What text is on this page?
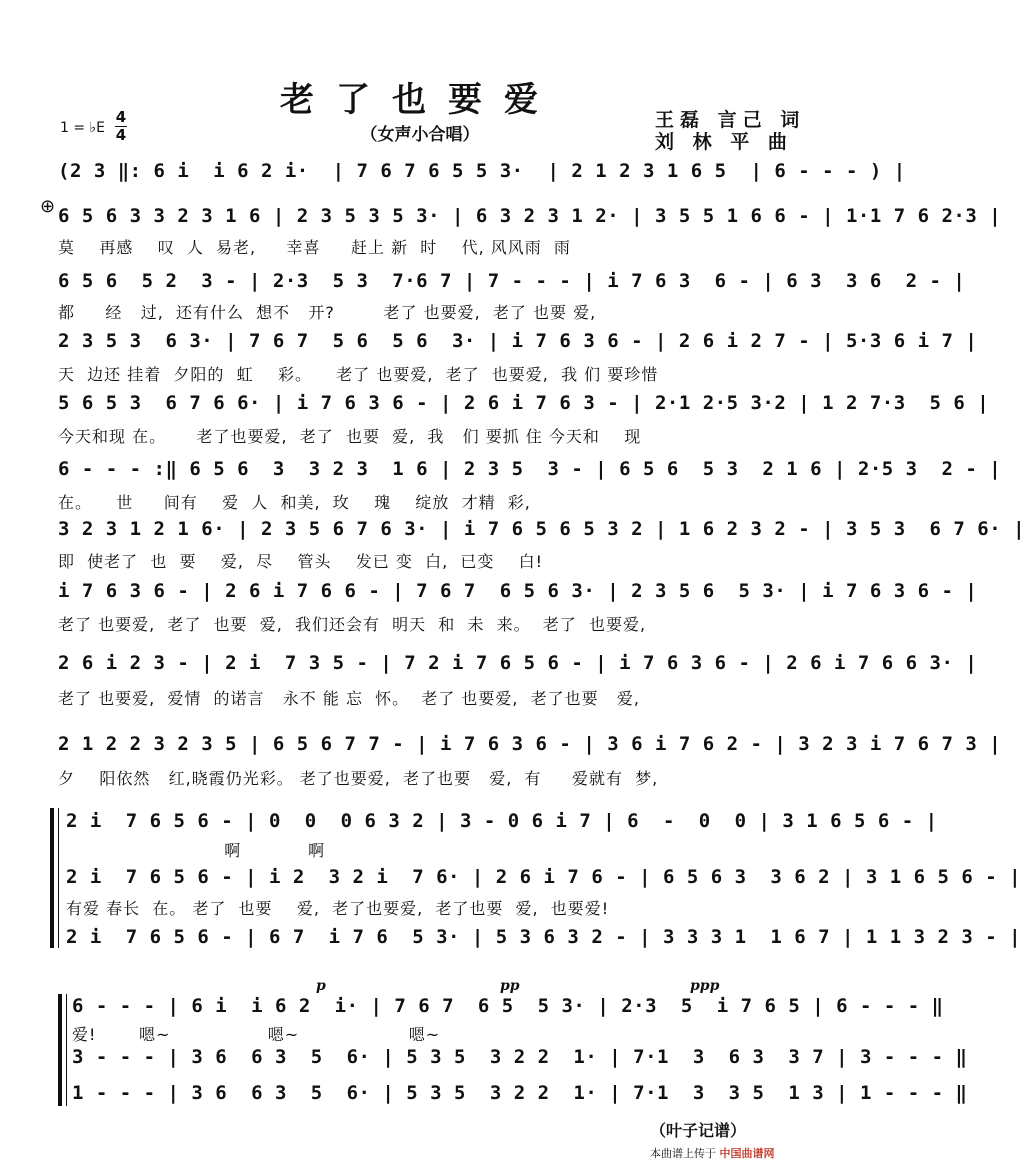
老了也要爱
（女声小合唱）
1 = ♭E
4
4
王磊 言己 词
刘 林 平 曲
⊕
(2 3 ‖: 6 i  i 6 2 i·  | 7 6 7 6 5 5 3·  | 2 1 2 3 1 6 5  | 6 - - - ) |
6 5 6 3 3 2 3 1 6 | 2 3 5 3 5 3· | 6 3 2 3 1 2· | 3 5 5 1 6 6 - | 1·1 7 6 2·3 |
莫    再感    叹  人  易老,     幸喜     赶上 新  时    代, 风风雨  雨
6 5 6  5 2  3 - | 2·3  5 3  7·6 7 | 7 - - - | i 7 6 3  6 - | 6 3  3 6  2 - |
都     经   过,  还有什么  想不   开?        老了 也要爱,  老了 也要 爱,
2 3 5 3  6 3· | 7 6 7  5 6  5 6  3· | i 7 6 3 6 - | 2 6 i 2 7 - | 5·3 6 i 7 |
天  边还 挂着  夕阳的  虹    彩。    老了 也要爱,  老了  也要爱,  我 们 要珍惜
5 6 5 3  6 7 6 6· | i 7 6 3 6 - | 2 6 i 7 6 3 - | 2·1 2·5 3·2 | 1 2 7·3  5 6 |
今天和现 在。     老了也要爱,  老了  也要  爱,  我   们 要抓 住 今天和    现
6 - - - :‖ 6 5 6  3  3 2 3  1 6 | 2 3 5  3 - | 6 5 6  5 3  2 1 6 | 2·5 3  2 - |
在。    世     间有    爱  人  和美,  玫    瑰    绽放  才精  彩,
3 2 3 1 2 1 6· | 2 3 5 6 7 6 3· | i 7 6 5 6 5 3 2 | 1 6 2 3 2 - | 3 5 3  6 7 6· |
即  使老了  也  要    爱,  尽    管头    发已 变  白,  已变    白!
i 7 6 3 6 - | 2 6 i 7 6 6 - | 7 6 7  6 5 6 3· | 2 3 5 6  5 3· | i 7 6 3 6 - |
老了 也要爱,  老了  也要  爱,  我们还会有  明天  和  未  来。  老了  也要爱,
2 6 i 2 3 - | 2 i  7 3 5 - | 7 2 i 7 6 5 6 - | i 7 6 3 6 - | 2 6 i 7 6 6 3· |
老了 也要爱,  爱情  的诺言   永不 能 忘  怀。  老了 也要爱,  老了也要   爱,
2 1 2 2 3 2 3 5 | 6 5 6 7 7 - | i 7 6 3 6 - | 3 6 i 7 6 2 - | 3 2 3 i 7 6 7 3 |
夕    阳依然   红,晓霞仍光彩。 老了也要爱,  老了也要   爱,  有     爱就有  梦,
2 i  7 6 5 6 - | 0  0  0 6 3 2 | 3 - 0 6 i 7 | 6  -  0  0 | 3 1 6 5 6 - |
啊           啊
2 i  7 6 5 6 - | i 2  3 2 i  7 6· | 2 6 i 7 6 - | 6 5 6 3  3 6 2 | 3 1 6 5 6 - |
有爱 春长  在。 老了  也要    爱,  老了也要爱,  老了也要  爱,  也要爱!
2 i  7 6 5 6 - | 6 7  i 7 6  5 3· | 5 3 6 3 2 - | 3 3 3 1  1 6 7 | 1 1 3 2 3 - |
p	pp	ppp
6 - - - | 6 i  i 6 2  i· | 7 6 7  6 5  5 3· | 2·3  5  i 7 6 5 | 6 - - - ‖
爱!       嗯~                嗯~                  嗯~
3 - - - | 3 6  6 3  5  6· | 5 3 5  3 2 2  1· | 7·1  3  6 3  3 7 | 3 - - - ‖
1 - - - | 3 6  6 3  5  6· | 5 3 5  3 2 2  1· | 7·1  3  3 5  1 3 | 1 - - - ‖
（叶子记谱）
本曲谱上传于 中国曲谱网
